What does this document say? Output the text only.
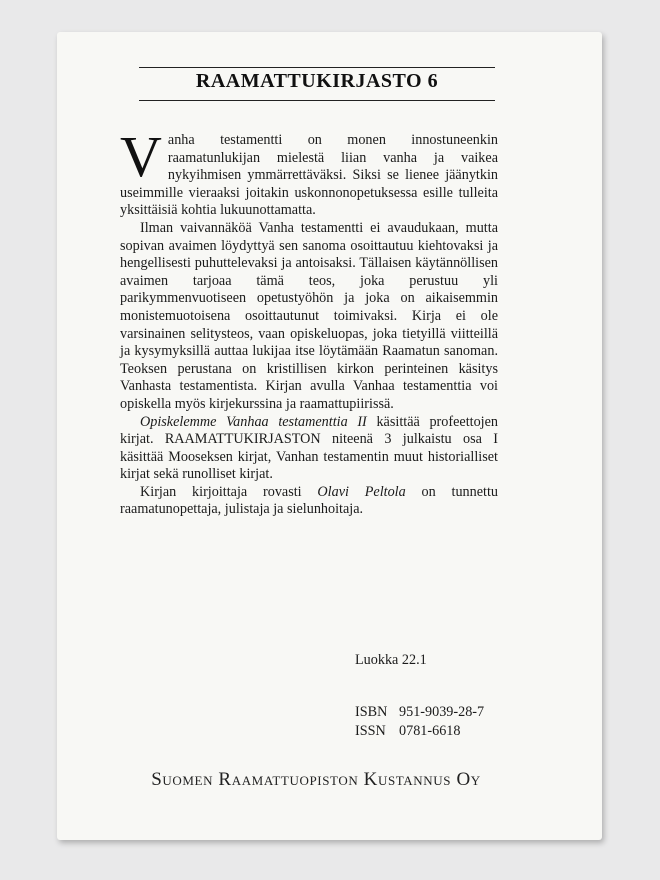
RAAMATTUKIRJASTO 6

Vanha testamentti on monen innostuneenkin raamatunlukijan mielestä liian vanha ja vaikea nykyihmisen ymmärrettäväksi. Siksi se lienee jäänytkin useimmille vieraaksi joitakin uskonnonopetuksessa esille tulleita yksittäisiä kohtia lukuunottamatta.

Ilman vaivannäköä Vanha testamentti ei avaudukaan, mutta sopivan avaimen löydyttyä sen sanoma osoittautuu kiehtovaksi ja hengellisesti puhuttelevaksi ja antoisaksi. Tällaisen käytännöllisen avaimen tarjoaa tämä teos, joka perustuu yli parikymmenvuotiseen opetustyöhön ja joka on aikaisemmin monistemuotoisena osoittautunut toimivaksi. Kirja ei ole varsinainen selitysteos, vaan opiskeluopas, joka tietyillä viitteillä ja kysymyksillä auttaa lukijaa itse löytämään Raamatun sanoman. Teoksen perustana on kristillisen kirkon perinteinen käsitys Vanhasta testamentista. Kirjan avulla Vanhaa testamenttia voi opiskella myös kirjekurssina ja raamattupiirissä.

Opiskelemme Vanhaa testamenttia II käsittää profeettojen kirjat. RAAMATTUKIRJASTON niteenä 3 julkaistu osa I käsittää Mooseksen kirjat, Vanhan testamentin muut historialliset kirjat sekä runolliset kirjat.

Kirjan kirjoittaja rovasti Olavi Peltola on tunnettu raamatunopettaja, julistaja ja sielunhoitaja.

Luokka 22.1
ISBN 951-9039-28-7
ISSN 0781-6618
Suomen Raamattuopiston Kustannus Oy
